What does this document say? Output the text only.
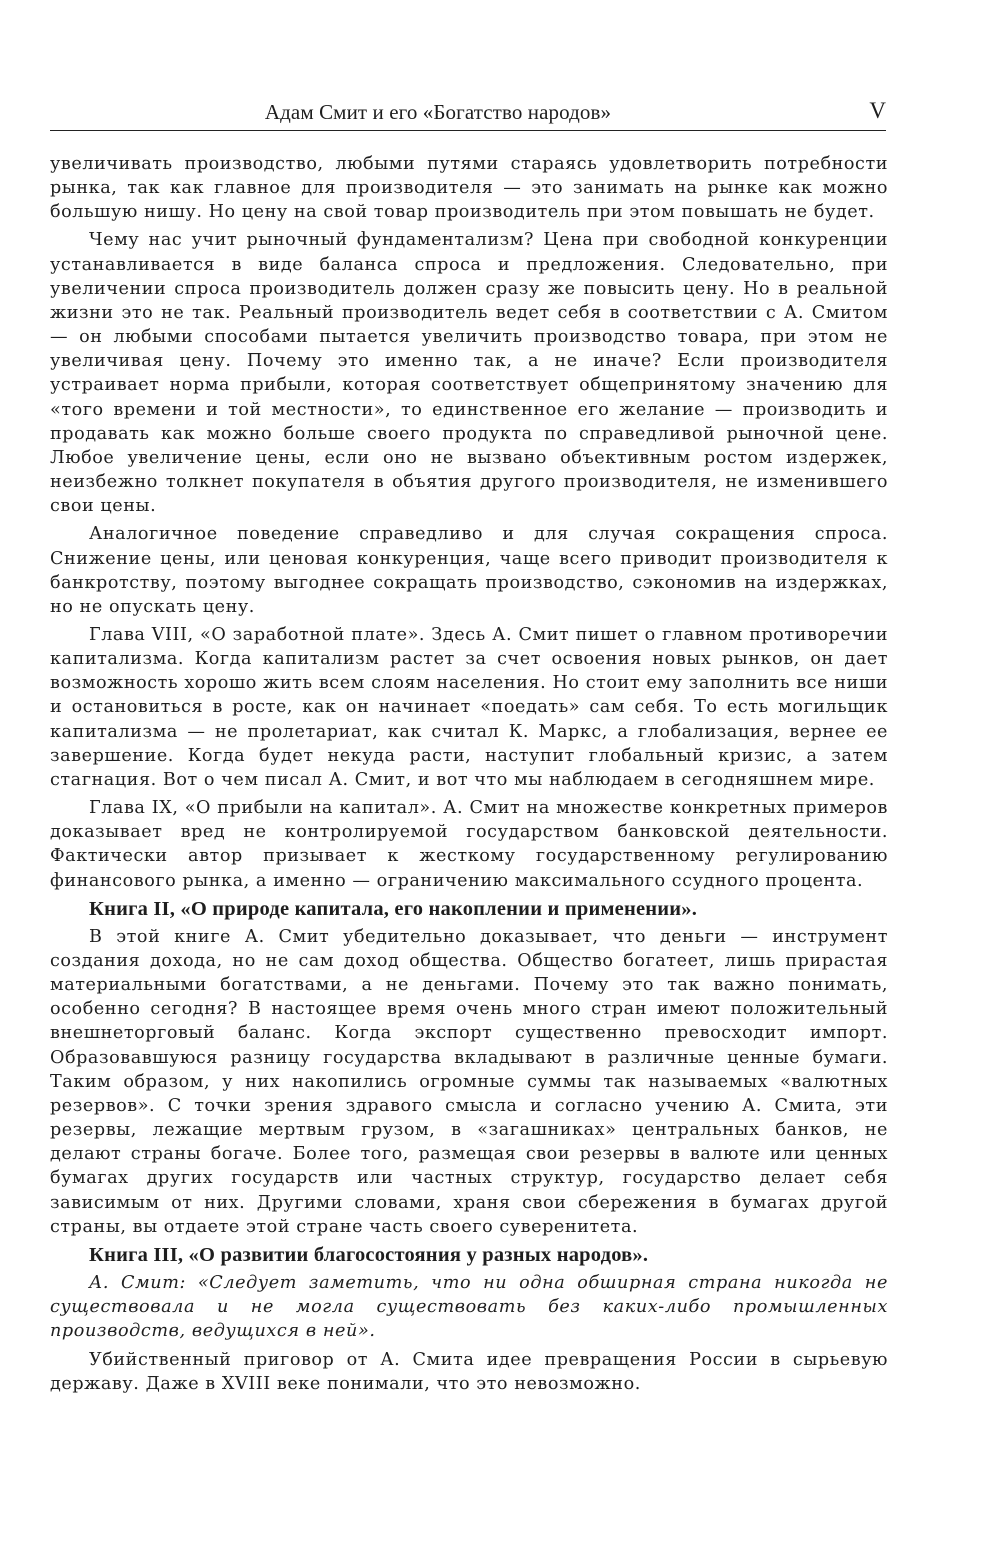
Адам Смит и его «Богатство народов»	V

увеличивать производство, любыми путями стараясь удовлетворить потребности рынка, так как главное для производителя — это занимать на рынке как можно большую нишу. Но цену на свой товар производитель при этом повышать не будет.

Чему нас учит рыночный фундаментализм? Цена при свободной конкуренции устанавливается в виде баланса спроса и предложения. Следовательно, при увеличении спроса производитель должен сразу же повысить цену. Но в реальной жизни это не так. Реальный производитель ведет себя в соответствии с А. Смитом — он любыми способами пытается увеличить производство товара, при этом не увеличивая цену. Почему это именно так, а не иначе? Если производителя устраивает норма прибыли, которая соответствует общепринятому значению для «того времени и той местности», то единственное его желание — производить и продавать как можно больше своего продукта по справедливой рыночной цене. Любое увеличение цены, если оно не вызвано объективным ростом издержек, неизбежно толкнет покупателя в объятия другого производителя, не изменившего свои цены.

Аналогичное поведение справедливо и для случая сокращения спроса. Снижение цены, или ценовая конкуренция, чаще всего приводит производителя к банкротству, поэтому выгоднее сокращать производство, сэкономив на издержках, но не опускать цену.

Глава VIII, «О заработной плате». Здесь А. Смит пишет о главном противоречии капитализма. Когда капитализм растет за счет освоения новых рынков, он дает возможность хорошо жить всем слоям населения. Но стоит ему заполнить все ниши и остановиться в росте, как он начинает «поедать» сам себя. То есть могильщик капитализма — не пролетариат, как считал К. Маркс, а глобализация, вернее ее завершение. Когда будет некуда расти, наступит глобальный кризис, а затем стагнация. Вот о чем писал А. Смит, и вот что мы наблюдаем в сегодняшнем мире.

Глава IX, «О прибыли на капитал». А. Смит на множестве конкретных примеров доказывает вред не контролируемой государством банковской деятельности. Фактически автор призывает к жесткому государственному регулированию финансового рынка, а именно — ограничению максимального ссудного процента.

Книга II, «О природе капитала, его накоплении и применении».

В этой книге А. Смит убедительно доказывает, что деньги — инструмент создания дохода, но не сам доход общества. Общество богатеет, лишь прирастая материальными богатствами, а не деньгами. Почему это так важно понимать, особенно сегодня? В настоящее время очень много стран имеют положительный внешнеторговый баланс. Когда экспорт существенно превосходит импорт. Образовавшуюся разницу государства вкладывают в различные ценные бумаги. Таким образом, у них накопились огромные суммы так называемых «валютных резервов». С точки зрения здравого смысла и согласно учению А. Смита, эти резервы, лежащие мертвым грузом, в «загашниках» центральных банков, не делают страны богаче. Более того, размещая свои резервы в валюте или ценных бумагах других государств или частных структур, государство делает себя зависимым от них. Другими словами, храня свои сбережения в бумагах другой страны, вы отдаете этой стране часть своего суверенитета.

Книга III, «О развитии благосостояния у разных народов».

А. Смит: «Следует заметить, что ни одна обширная страна никогда не существовала и не могла существовать без каких-либо промышленных производств, ведущихся в ней».

Убийственный приговор от А. Смита идее превращения России в сырьевую державу. Даже в XVIII веке понимали, что это невозможно.
